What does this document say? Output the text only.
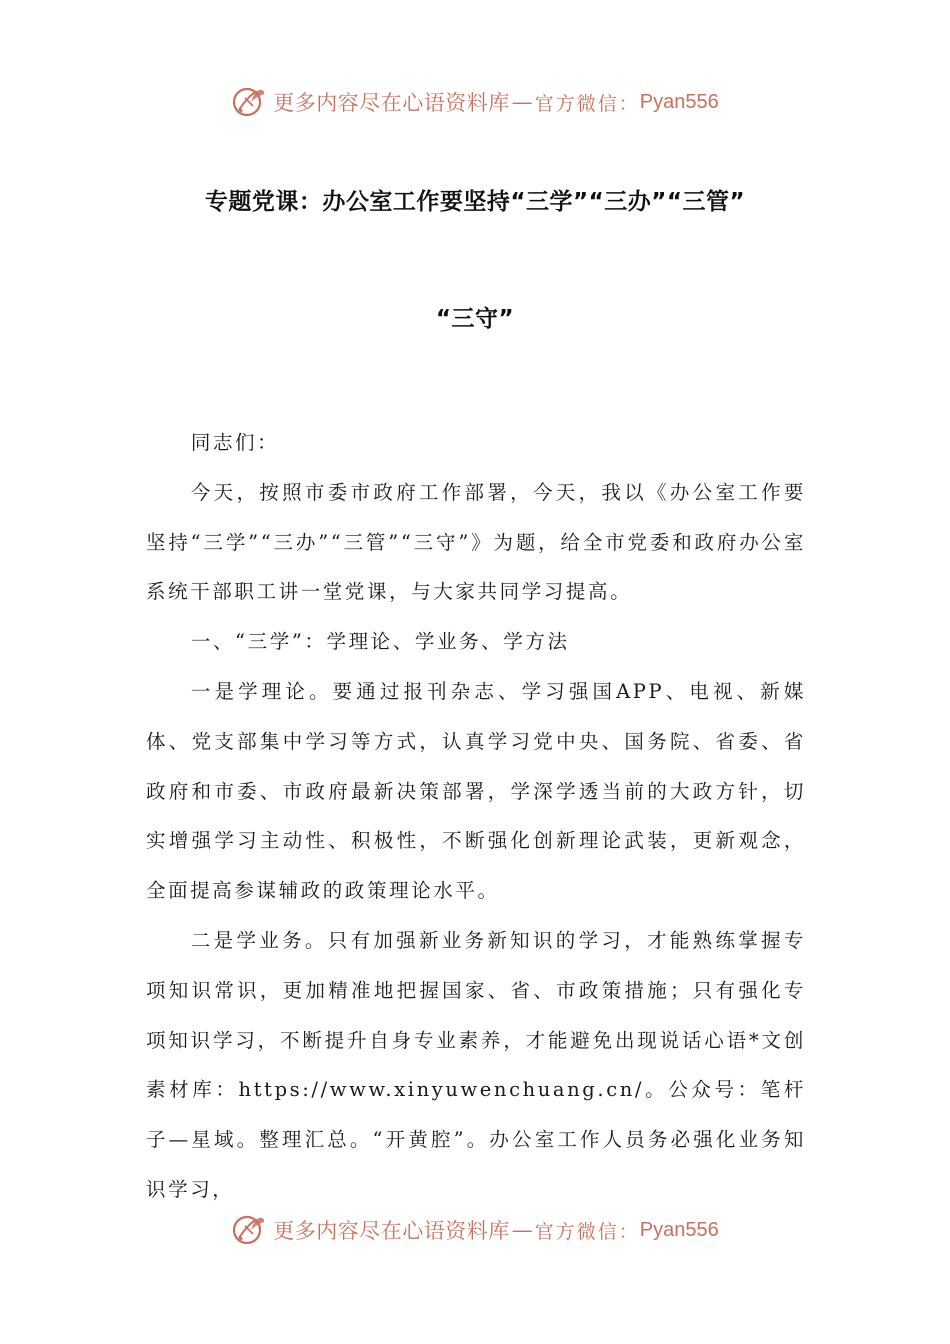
更多内容尽在心语资料库 — 官方微信： Pyan556
专题党课：办公室工作要坚持“三学”“三办”“三管”
“三守”

同志们：

今天，按照市委市政府工作部署，今天，我以《办公室工作要坚持“三学”“三办”“三管”“三守”》为题，给全市党委和政府办公室系统干部职工讲一堂党课，与大家共同学习提高。

一、“三学”：学理论、学业务、学方法

一是学理论。要通过报刊杂志、学习强国APP、电视、新媒体、党支部集中学习等方式，认真学习党中央、国务院、省委、省政府和市委、市政府最新决策部署，学深学透当前的大政方针，切实增强学习主动性、积极性，不断强化创新理论武装，更新观念，全面提高参谋辅政的政策理论水平。

二是学业务。只有加强新业务新知识的学习，才能熟练掌握专项知识常识，更加精准地把握国家、省、市政策措施；只有强化专项知识学习，不断提升自身专业素养，才能避免出现说话心语*文创素材库：https://www.xinyuwenchuang.cn/。公众号：笔杆子—星域。整理汇总。“开黄腔”。办公室工作人员务必强化业务知识学习，

更多内容尽在心语资料库 — 官方微信： Pyan556
